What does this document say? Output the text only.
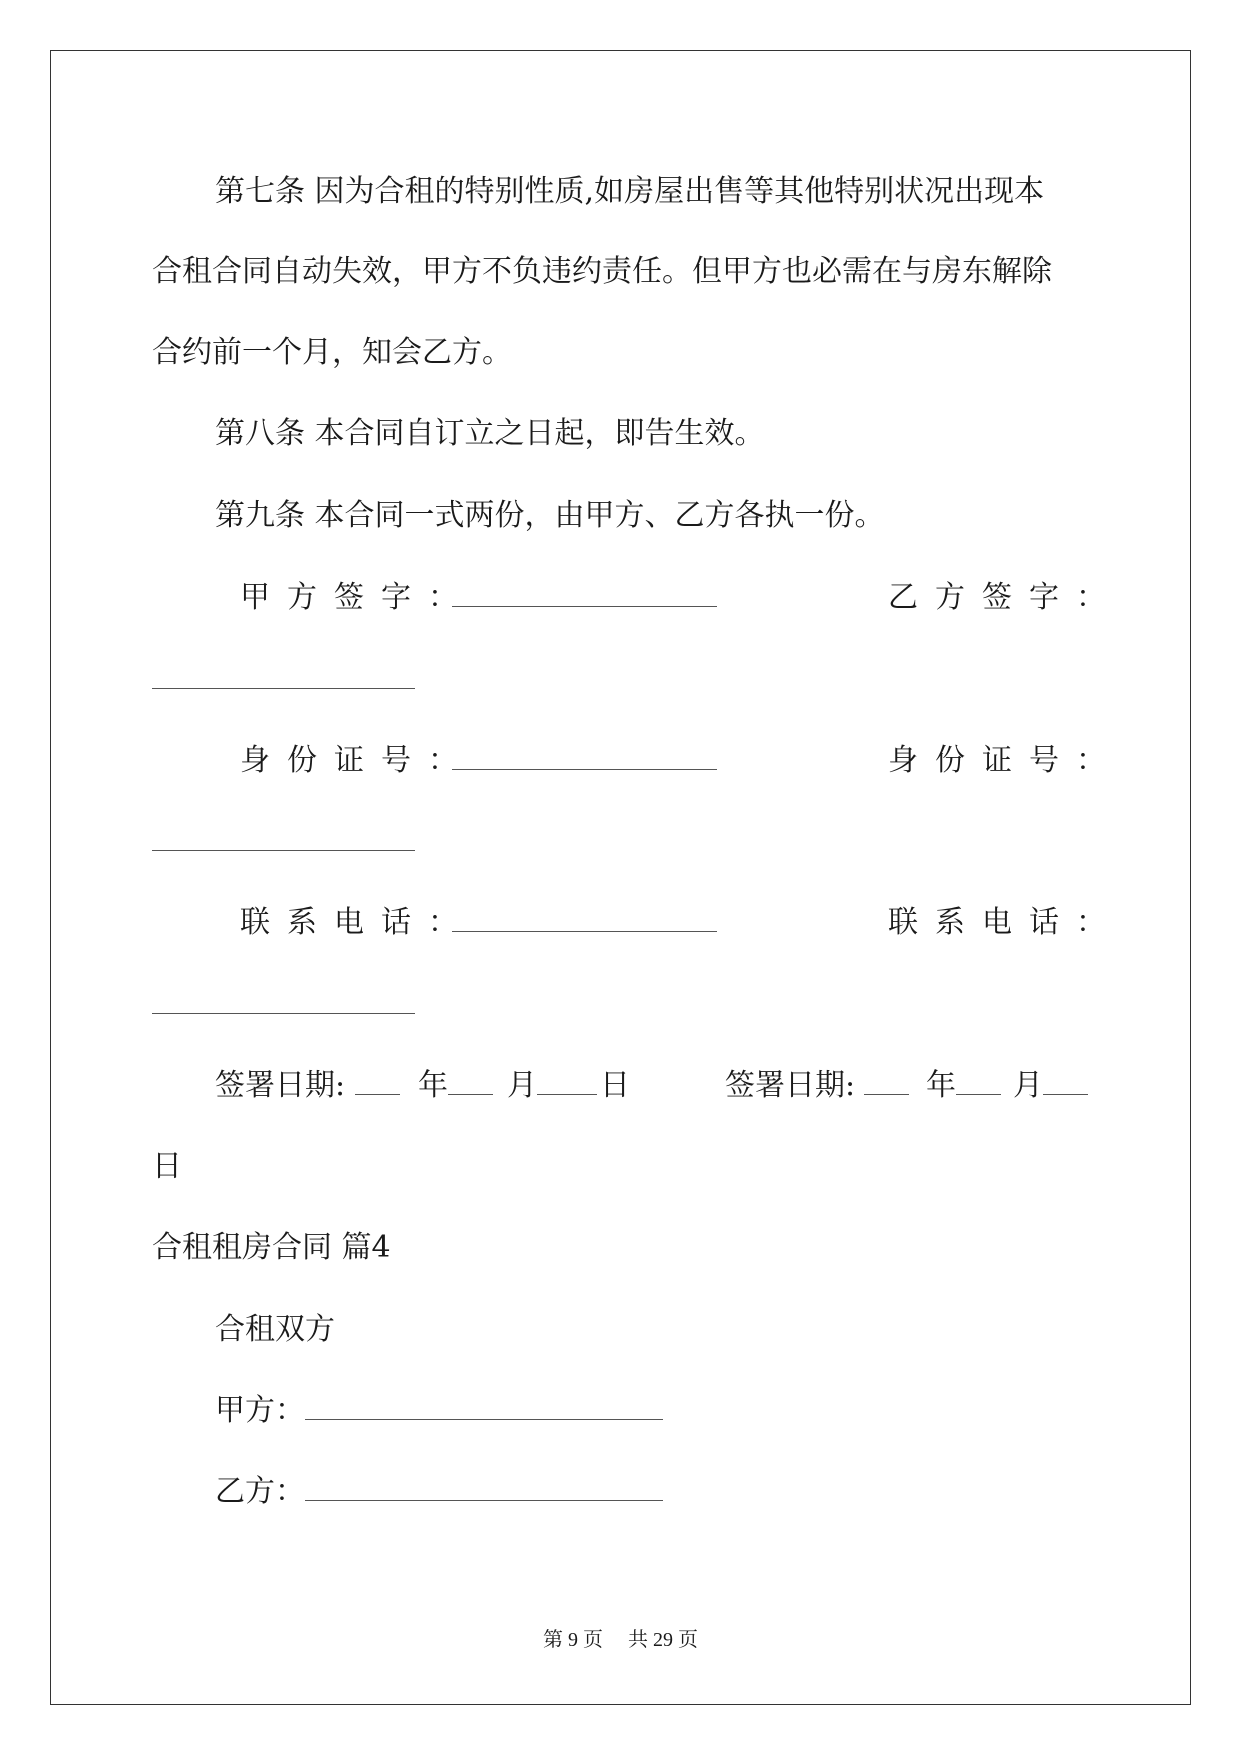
第七条 因为合租的特别性质,如房屋出售等其他特别状况出现本
合租合同自动失效，甲方不负违约责任。但甲方也必需在与房东解除
合约前一个月，知会乙方。
第八条 本合同自订立之日起，即告生效。
第九条 本合同一式两份，由甲方、乙方各执一份。
甲方签字：	乙方签字：
身份证号：	身份证号：
联系电话：	联系电话：
签署日期: 年 月 日	签署日期: 年 月
日
合租租房合同 篇4
合租双方
甲方：
乙方：
第 9 页　 共 29 页
